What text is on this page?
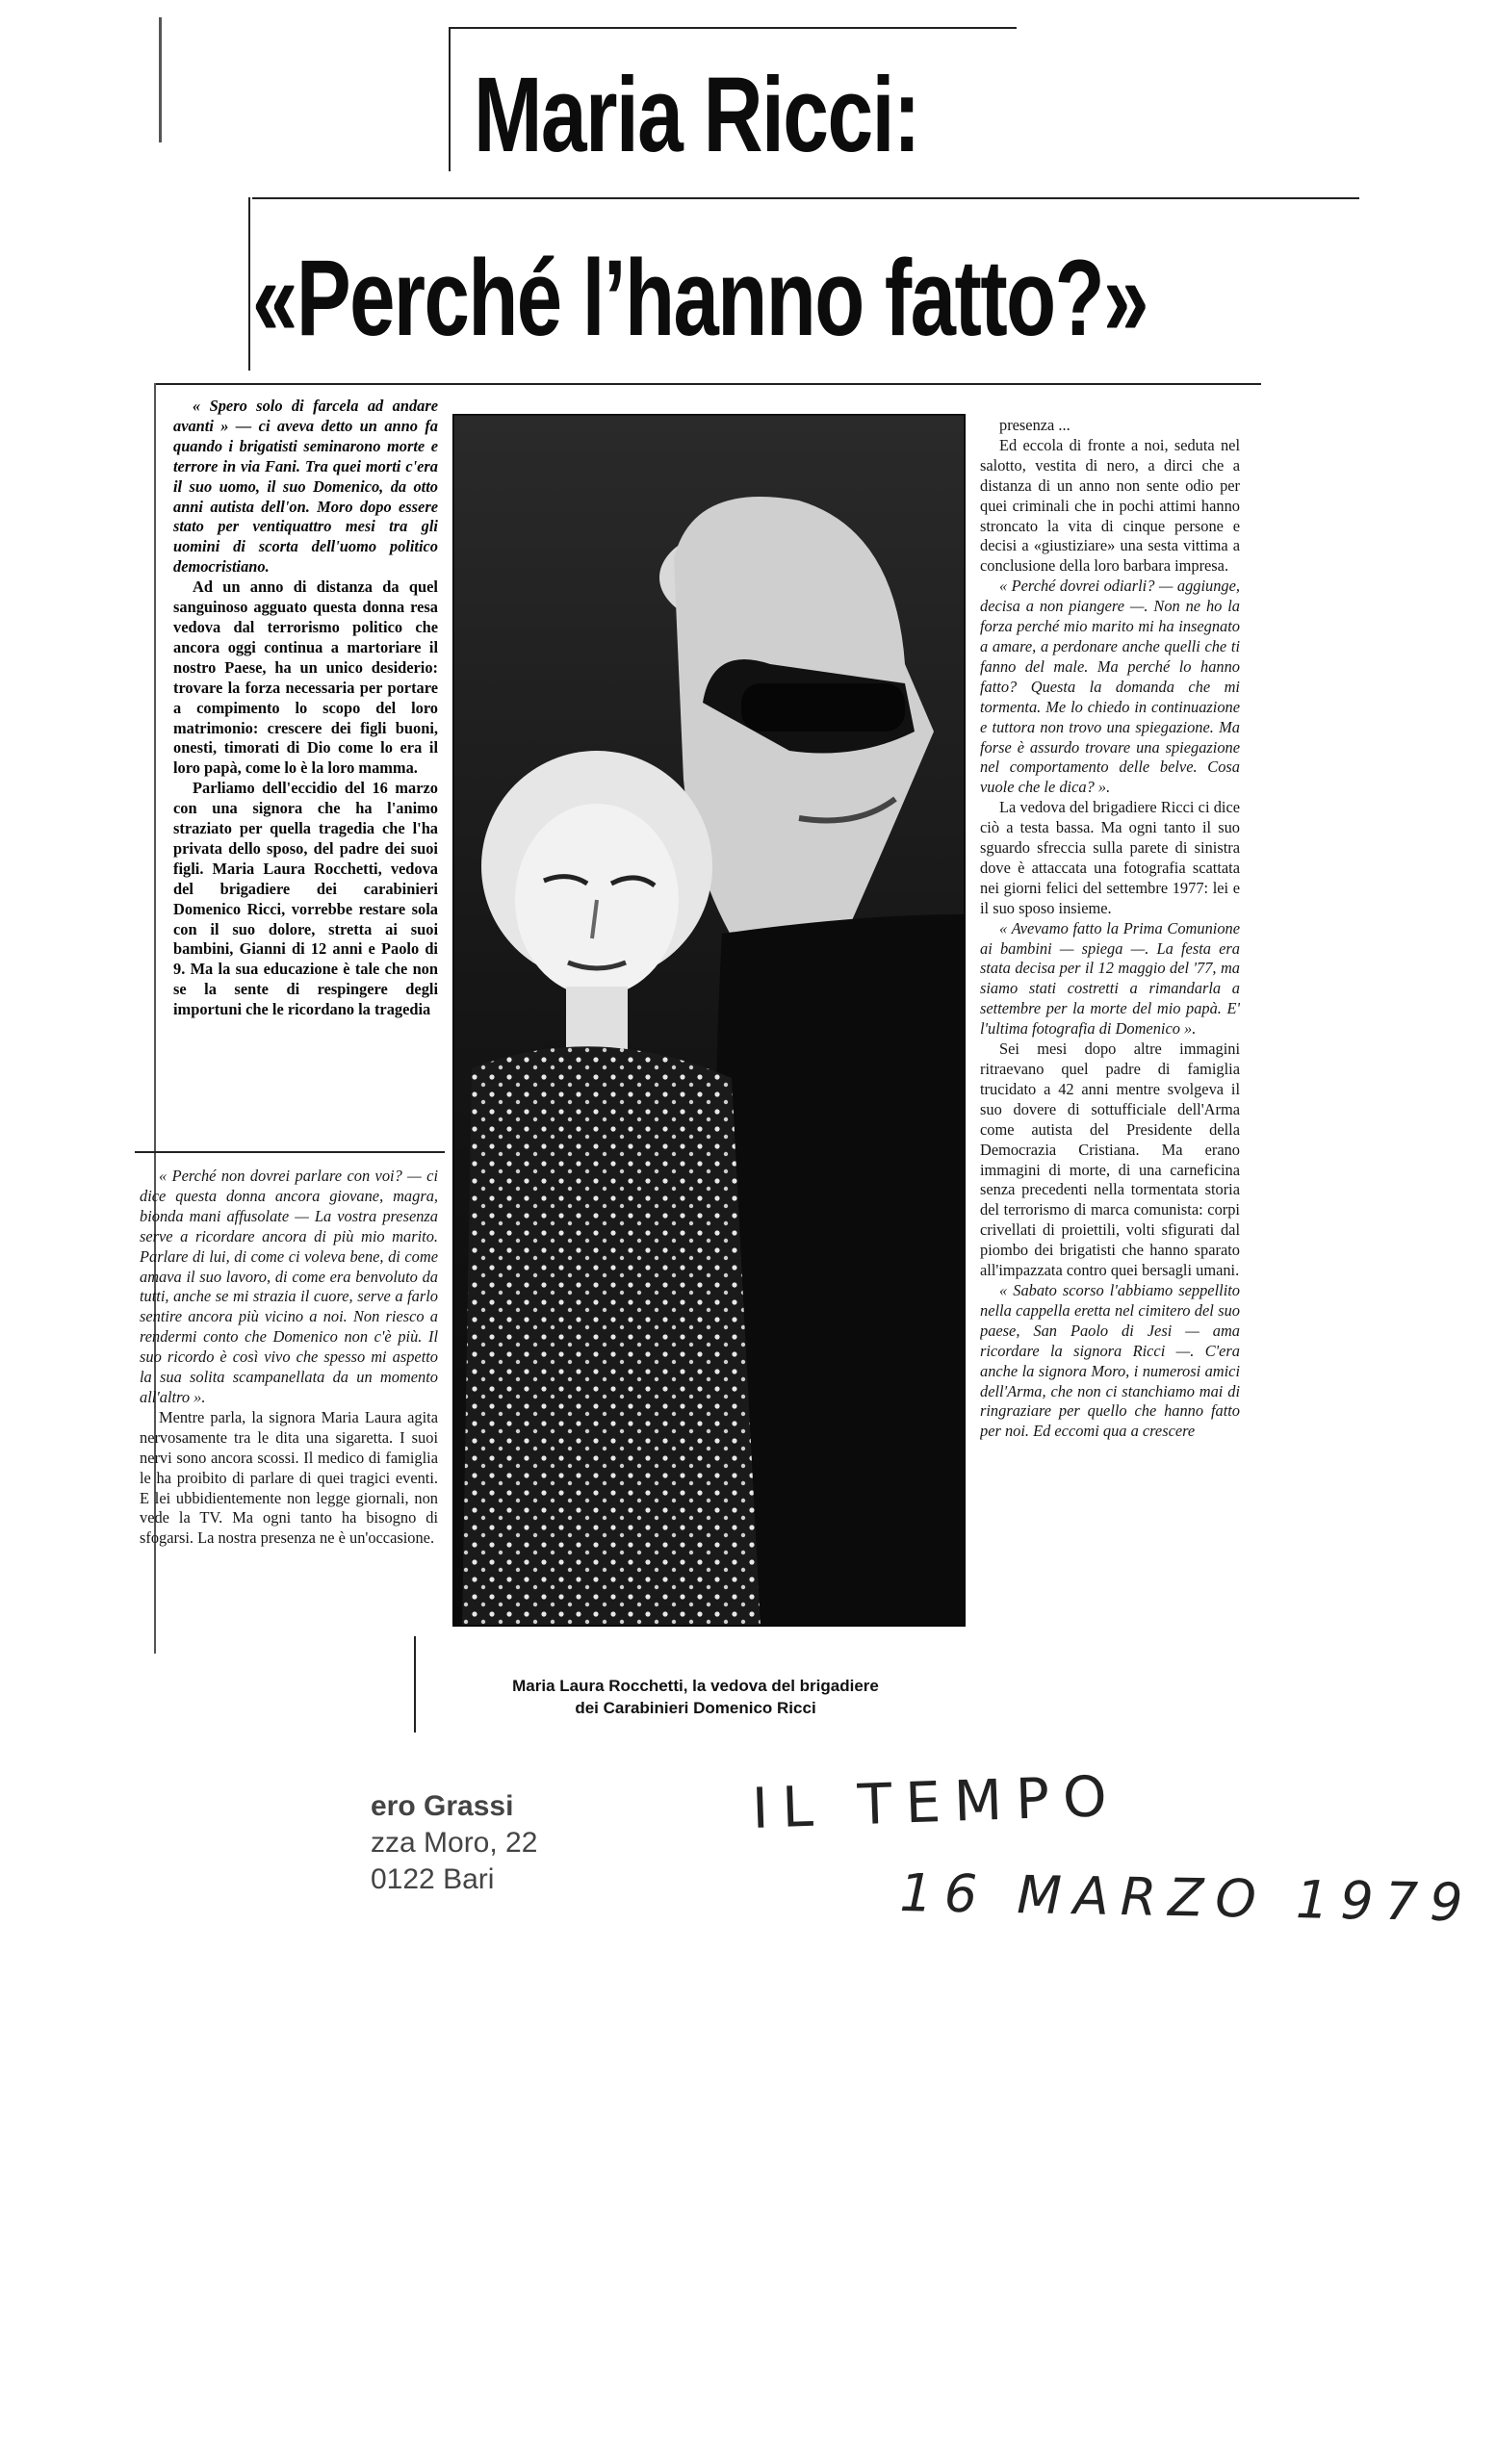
Maria Ricci:
«Perché l’hanno fatto?»

« Spero solo di farcela ad andare avanti » — ci aveva detto un anno fa quando i brigatisti seminarono morte e terrore in via Fani. Tra quei morti c'era il suo uomo, il suo Domenico, da otto anni autista dell'on. Moro dopo essere stato per ventiquattro mesi tra gli uomini di scorta dell'uomo politico democristiano.

Ad un anno di distanza da quel sanguinoso agguato questa donna resa vedova dal terrorismo politico che ancora oggi continua a martoriare il nostro Paese, ha un unico desiderio: trovare la forza necessaria per portare a compimento lo scopo del loro matrimonio: crescere dei figli buoni, onesti, timorati di Dio come lo era il loro papà, come lo è la loro mamma.

Parliamo dell'eccidio del 16 marzo con una signora che ha l'animo straziato per quella tragedia che l'ha privata dello sposo, del padre dei suoi figli. Maria Laura Rocchetti, vedova del brigadiere dei carabinieri Domenico Ricci, vorrebbe restare sola con il suo dolore, stretta ai suoi bambini, Gianni di 12 anni e Paolo di 9. Ma la sua educazione è tale che non se la sente di respingere degli importuni che le ricordano la tragedia

« Perché non dovrei parlare con voi? — ci dice questa donna ancora giovane, magra, bionda mani affusolate — La vostra presenza serve a ricordare ancora di più mio marito. Parlare di lui, di come ci voleva bene, di come amava il suo lavoro, di come era benvoluto da tutti, anche se mi strazia il cuore, serve a farlo sentire ancora più vicino a noi. Non riesco a rendermi conto che Domenico non c'è più. Il suo ricordo è così vivo che spesso mi aspetto la sua solita scampanellata da un momento all'altro ».

Mentre parla, la signora Maria Laura agita nervosamente tra le dita una sigaretta. I suoi nervi sono ancora scossi. Il medico di famiglia le ha proibito di parlare di quei tragici eventi. E lei ubbidientemente non legge giornali, non vede la TV. Ma ogni tanto ha bisogno di sfogarsi. La nostra presenza ne è un'occasione.

presenza ...

Ed eccola di fronte a noi, seduta nel salotto, vestita di nero, a dirci che a distanza di un anno non sente odio per quei criminali che in pochi attimi hanno stroncato la vita di cinque persone e decisi a «giustiziare» una sesta vittima a conclusione della loro barbara impresa.

« Perché dovrei odiarli? — aggiunge, decisa a non piangere —. Non ne ho la forza perché mio marito mi ha insegnato a amare, a perdonare anche quelli che ti fanno del male. Ma perché lo hanno fatto? Questa la domanda che mi tormenta. Me lo chiedo in continuazione e tuttora non trovo una spiegazione. Ma forse è assurdo trovare una spiegazione nel comportamento delle belve. Cosa vuole che le dica? ».

La vedova del brigadiere Ricci ci dice ciò a testa bassa. Ma ogni tanto il suo sguardo sfreccia sulla parete di sinistra dove è attaccata una fotografia scattata nei giorni felici del settembre 1977: lei e il suo sposo insieme.

« Avevamo fatto la Prima Comunione ai bambini — spiega —. La festa era stata decisa per il 12 maggio del '77, ma siamo stati costretti a rimandarla a settembre per la morte del mio papà. E' l'ultima fotografia di Domenico ».

Sei mesi dopo altre immagini ritraevano quel padre di famiglia trucidato a 42 anni mentre svolgeva il suo dovere di sottufficiale dell'Arma come autista del Presidente della Democrazia Cristiana. Ma erano immagini di morte, di una carneficina senza precedenti nella tormentata storia del terrorismo di marca comunista: corpi crivellati di proiettili, volti sfigurati dal piombo dei brigatisti che hanno sparato all'impazzata contro quei bersagli umani.

« Sabato scorso l'abbiamo seppellito nella cappella eretta nel cimitero del suo paese, San Paolo di Jesi — ama ricordare la signora Ricci —. C'era anche la signora Moro, i numerosi amici dell'Arma, che non ci stanchiamo mai di ringraziare per quello che hanno fatto per noi. Ed eccomi qua a crescere

Maria Laura Rocchetti, la vedova del brigadiere
dei Carabinieri Domenico Ricci
ero Grassi
zza Moro, 22
0122 Bari
IL TEMPO
16 MARZO 1979
